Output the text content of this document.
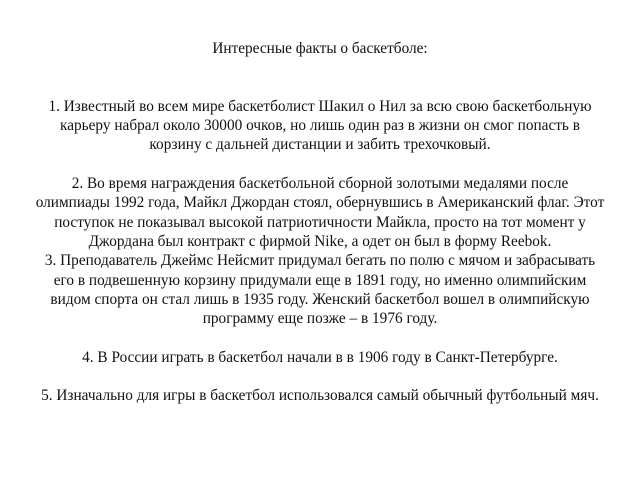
Интересные факты о баскетболе:

1. Известный во всем мире баскетболист Шакил о Нил за всю свою баскетбольную карьеру набрал около 30000 очков, но лишь один раз в жизни он смог попасть в корзину с дальней дистанции и забить трехочковый.

2. Во время награждения баскетбольной сборной золотыми медалями после олимпиады 1992 года, Майкл Джордан стоял, обернувшись в Американский флаг. Этот поступок не показывал высокой патриотичности Майкла, просто на тот момент у Джордана был контракт с фирмой Nike, а одет он был в форму Reebok.

3. Преподаватель Джеймс Нейсмит придумал бегать по полю с мячом и забрасывать его в подвешенную корзину придумали еще в 1891 году, но именно олимпийским видом спорта он стал лишь в 1935 году. Женский баскетбол вошел в олимпийскую программу еще позже – в 1976 году.

4. В России играть в баскетбол начали в в 1906 году в Санкт-Петербурге.

5. Изначально для игры в баскетбол использовался самый обычный футбольный мяч.
